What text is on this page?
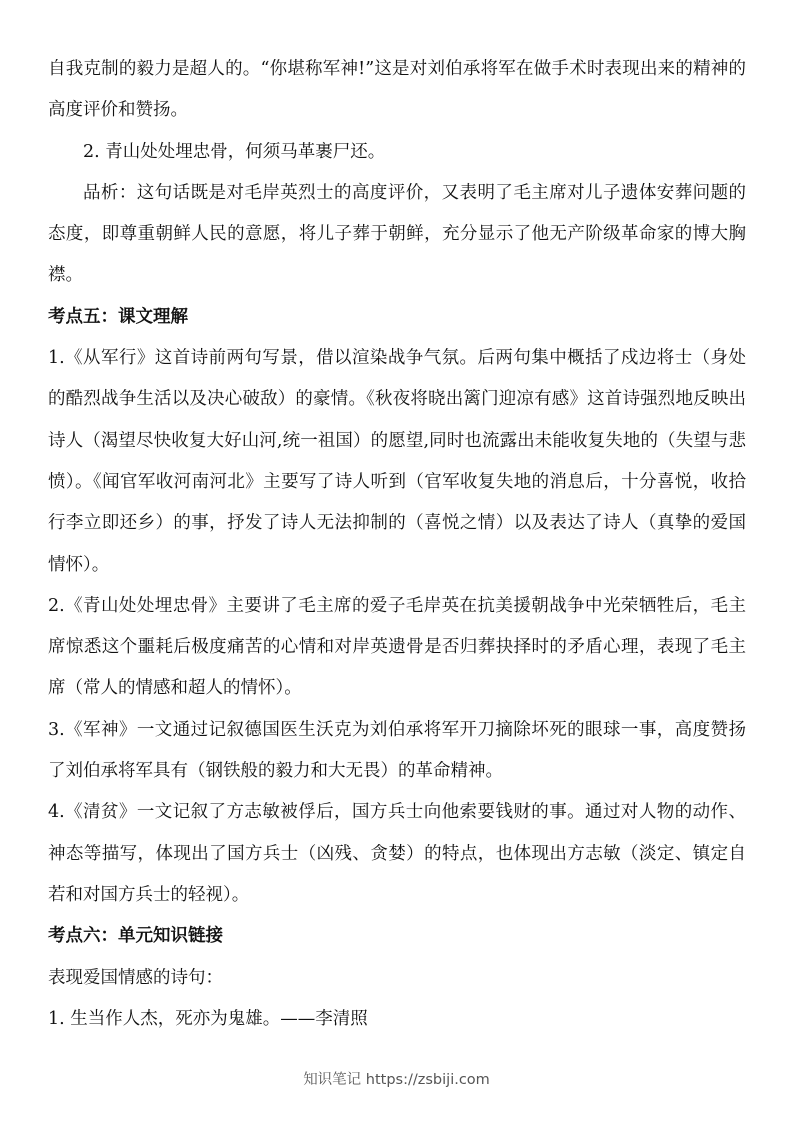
自我克制的毅力是超人的。“你堪称军神!”这是对刘伯承将军在做手术时表现出来的精神的高度评价和赞扬。

2. 青山处处埋忠骨，何须马革裹尸还。

品析：这句话既是对毛岸英烈士的高度评价，又表明了毛主席对儿子遗体安葬问题的态度，即尊重朝鲜人民的意愿，将儿子葬于朝鲜，充分显示了他无产阶级革命家的博大胸襟。

考点五：课文理解

1.《从军行》这首诗前两句写景，借以渲染战争气氛。后两句集中概括了戍边将士（身处的酷烈战争生活以及决心破敌）的豪情。《秋夜将晓出篱门迎凉有感》这首诗强烈地反映出诗人（渴望尽快收复大好山河,统一祖国）的愿望,同时也流露出未能收复失地的（失望与悲愤）。《闻官军收河南河北》主要写了诗人听到（官军收复失地的消息后，十分喜悦，收拾行李立即还乡）的事，抒发了诗人无法抑制的（喜悦之情）以及表达了诗人（真挚的爱国情怀）。

2.《青山处处埋忠骨》主要讲了毛主席的爱子毛岸英在抗美援朝战争中光荣牺牲后，毛主席惊悉这个噩耗后极度痛苦的心情和对岸英遗骨是否归葬抉择时的矛盾心理，表现了毛主席（常人的情感和超人的情怀）。

3.《军神》一文通过记叙德国医生沃克为刘伯承将军开刀摘除坏死的眼球一事，高度赞扬了刘伯承将军具有（钢铁般的毅力和大无畏）的革命精神。

4.《清贫》一文记叙了方志敏被俘后，国方兵士向他索要钱财的事。通过对人物的动作、神态等描写，体现出了国方兵士（凶残、贪婪）的特点，也体现出方志敏（淡定、镇定自若和对国方兵士的轻视）。

考点六：单元知识链接

表现爱国情感的诗句：

1. 生当作人杰，死亦为鬼雄。——李清照

知识笔记 https://zsbiji.com
